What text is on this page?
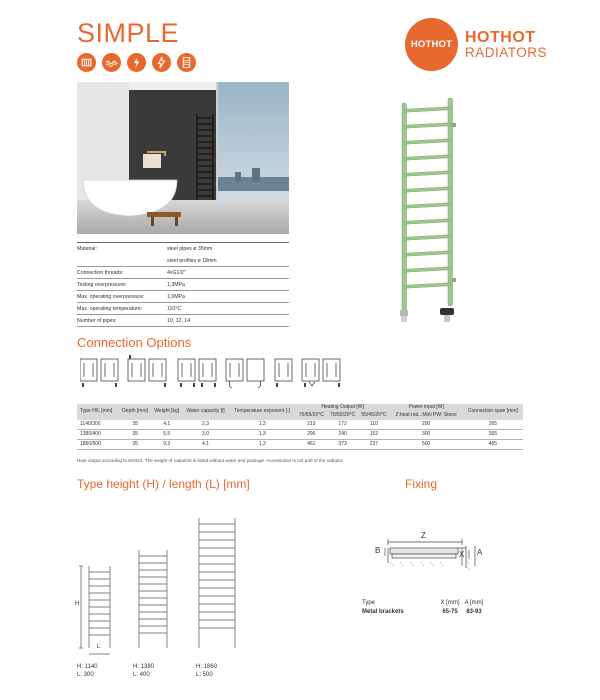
SIMPLE	HOTHOT HOTHOT
RADIATORS
Material:	steel pipes ø 35mm
steel profiles ø 18mm
Connection threads:	4xG1/2"
Testing overpressure:	1,3MPa
Max. operating overpressure:	1,0MPa
Max. operating temperature:	110°C
Number of pipes:	10, 12, 14
Connection Options
Type H/L [mm]	Depth [mm]	Weight [kg]	Water capacity [l]	Temperature exponent [-]	Heating Output [W]			Power input [W]	Connection span [mm]
					75/65/20°C	70/55/20°C	55/45/20°C	Z:heat.rod...Mini PW; Stone	
1140/300	35	4,1	2,3	1,3	213	172	110	200	265
1380/400	35	5,5	3,0	1,3	296	240	152	300	365
1860/500	35	9,3	4,1	1,3	461	373	237	500	465
Heat output according to EN442. The weight of radiators is listed without water and package. Accessories is not part of the radiator.
Type height (H) / length (L) [mm]	Fixing
H
L
H: 1140
L: 300
H: 1380
L: 400
H: 1860
L: 500
Z
B	X A
Type	X [mm] A [mm]
Metal brackets	65-75	83-93
